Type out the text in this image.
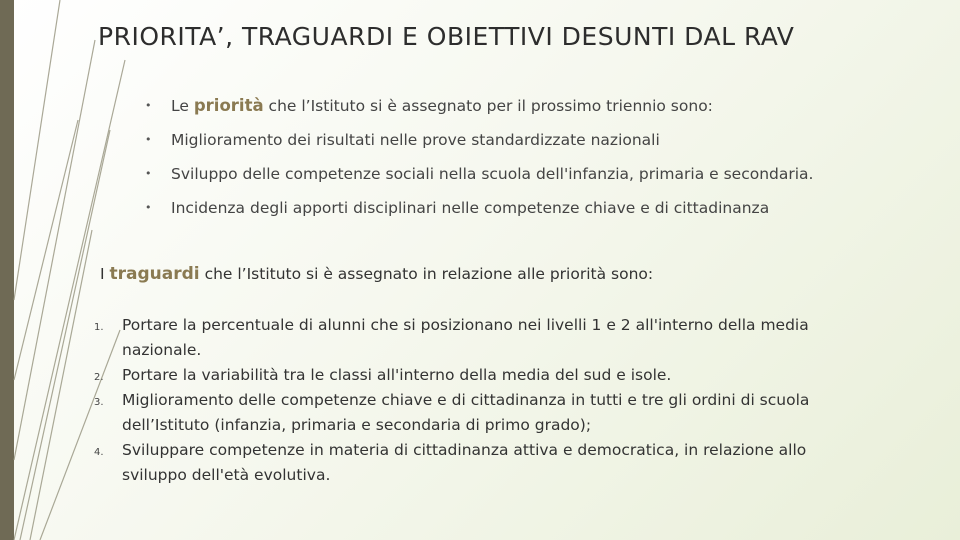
PRIORITA’, TRAGUARDI E OBIETTIVI DESUNTI DAL RAV
• Le priorità che l’Istituto si è assegnato per il prossimo triennio sono:
• Miglioramento dei risultati nelle prove standardizzate nazionali
• Sviluppo delle competenze sociali nella scuola dell'infanzia, primaria e secondaria.
• Incidenza degli apporti disciplinari nelle competenze chiave e di cittadinanza
I traguardi che l’Istituto si è assegnato in relazione alle priorità sono:
1. Portare la percentuale di alunni che si posizionano nei livelli 1 e 2 all'interno della media nazionale.
2. Portare la variabilità tra le classi all'interno della media del sud e isole.
3. Miglioramento delle competenze chiave e di cittadinanza in tutti e tre gli ordini di scuola dell’Istituto (infanzia, primaria e secondaria di primo grado);
4. Sviluppare competenze in materia di cittadinanza attiva e democratica, in relazione allo sviluppo dell'età evolutiva.
